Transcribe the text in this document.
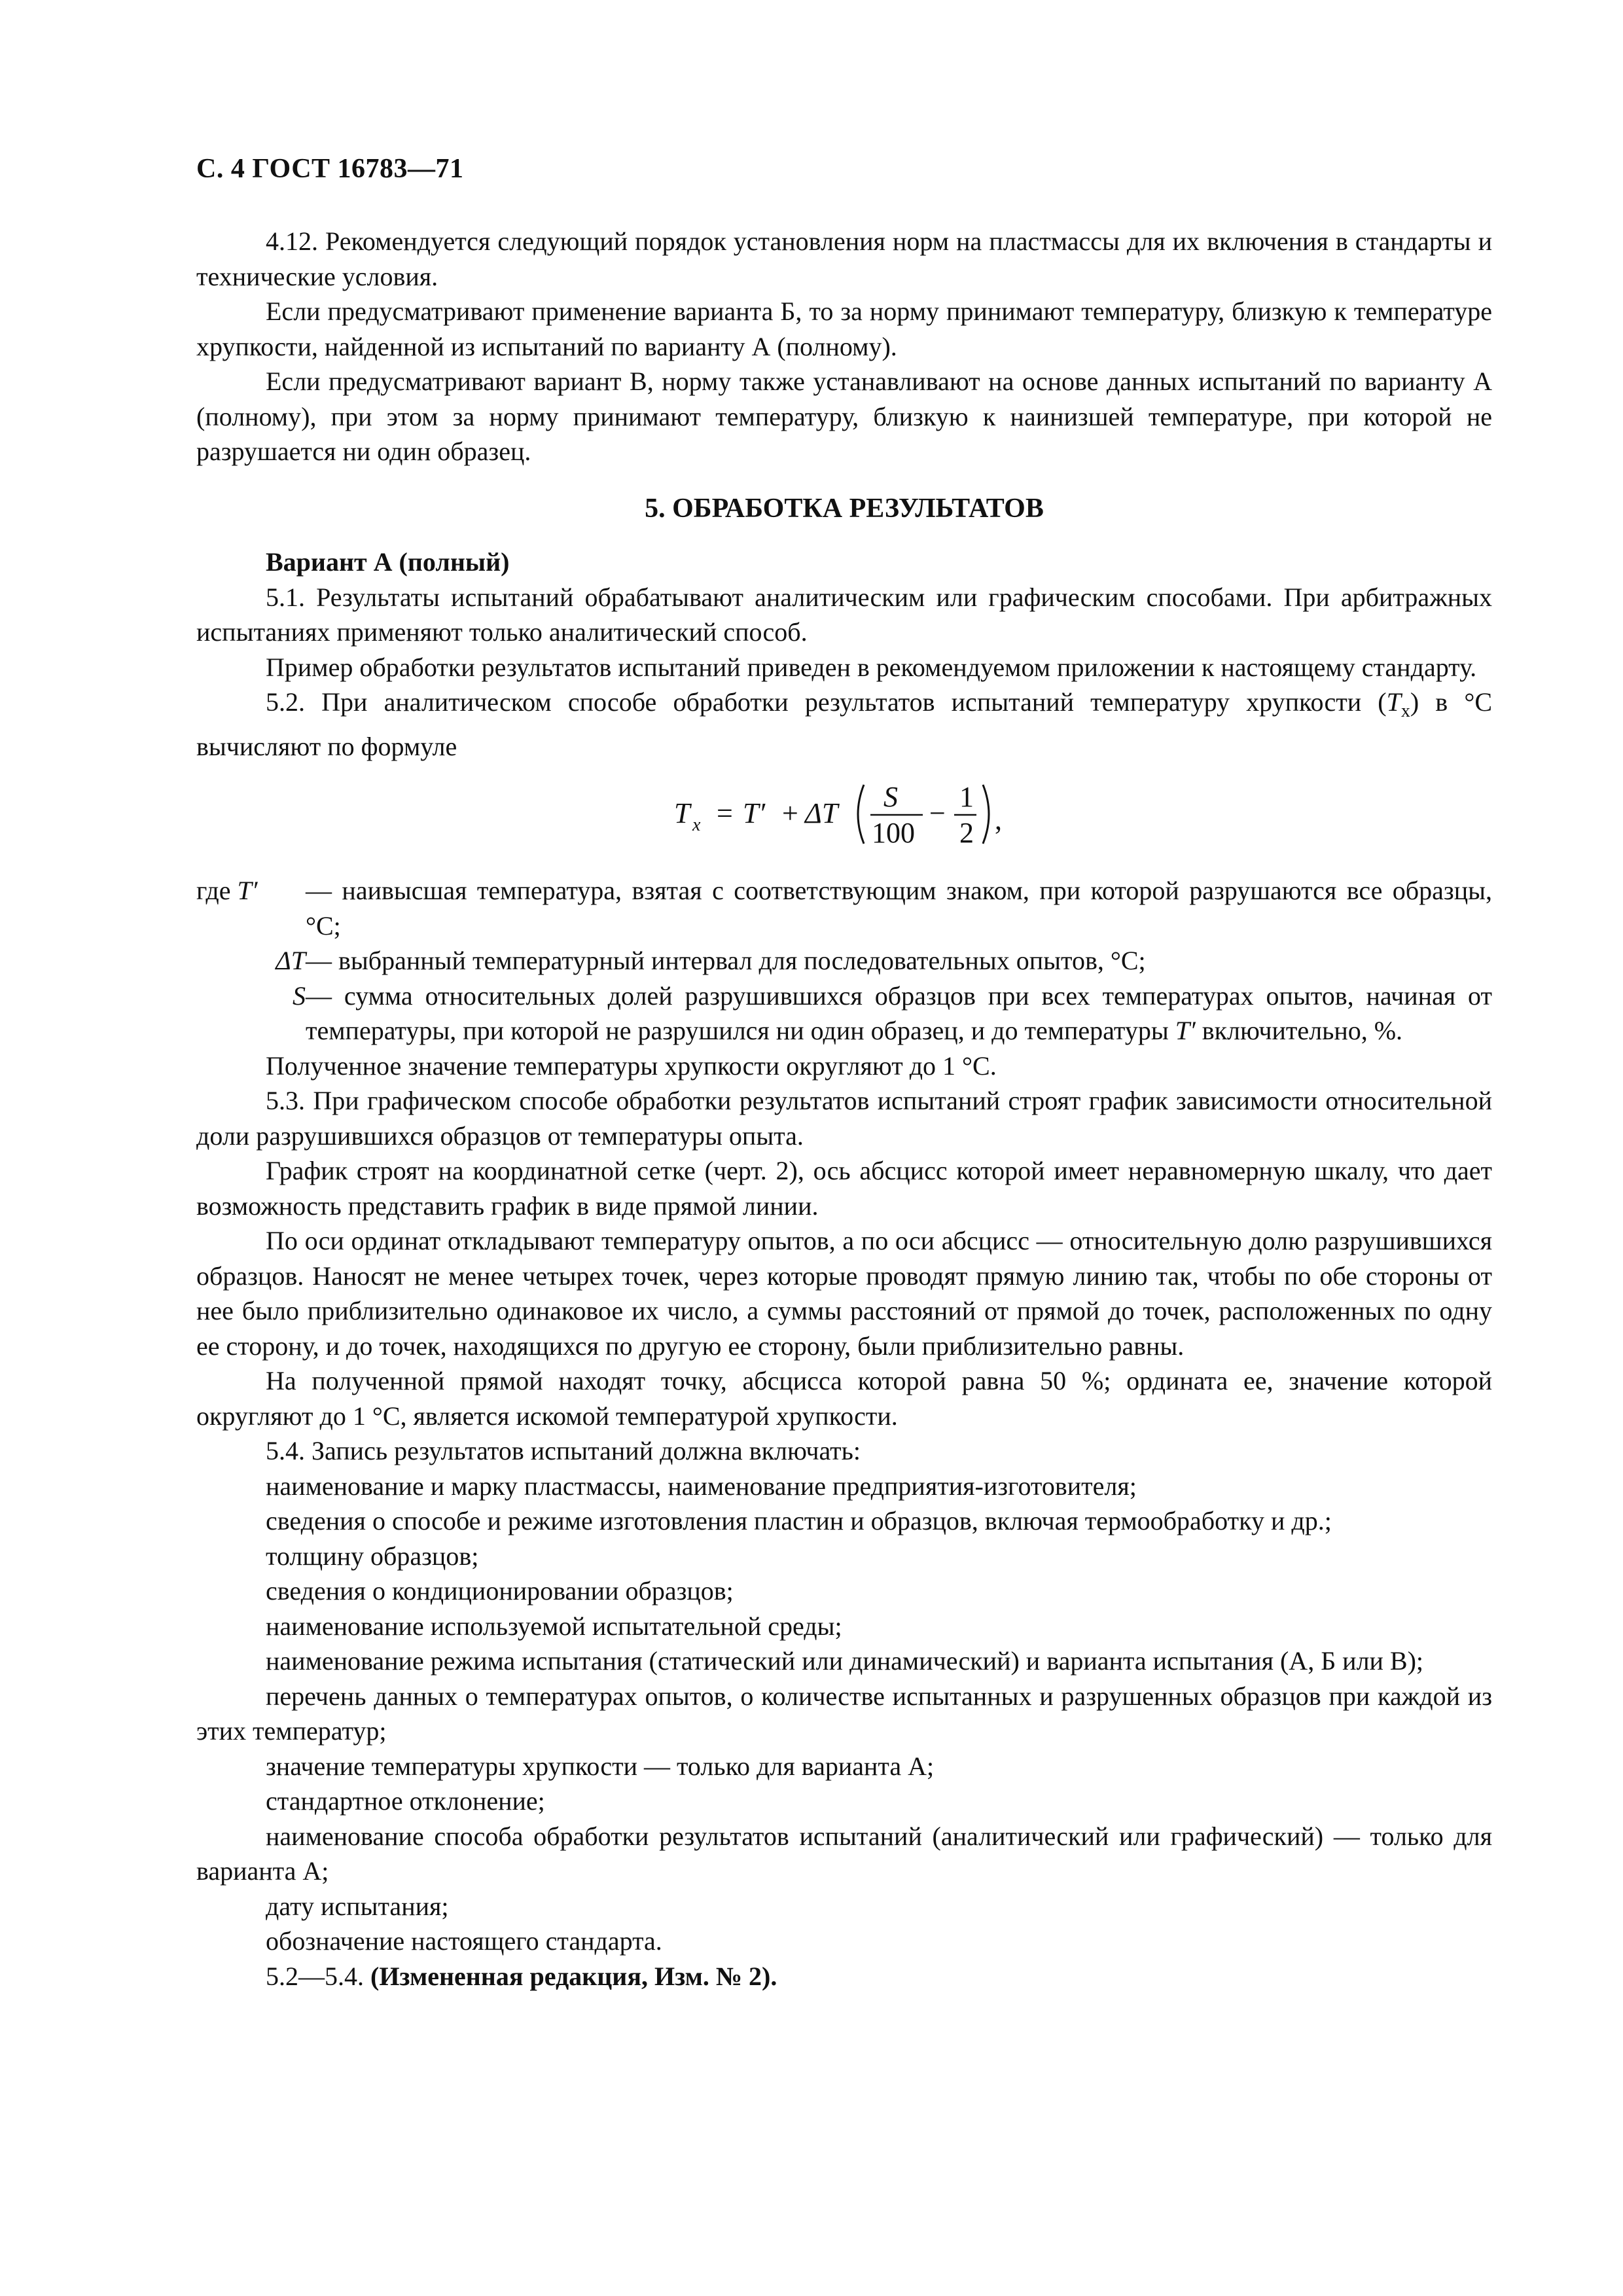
С. 4 ГОСТ 16783—71

4.12. Рекомендуется следующий порядок установления норм на пластмассы для их включения в стандарты и технические условия.

Если предусматривают применение варианта Б, то за норму принимают температуру, близкую к температуре хрупкости, найденной из испытаний по варианту А (полному).

Если предусматривают вариант В, норму также устанавливают на основе данных испытаний по варианту А (полному), при этом за норму принимают температуру, близкую к наинизшей температуре, при которой не разрушается ни один образец.

5. ОБРАБОТКА РЕЗУЛЬТАТОВ

Вариант А (полный)

5.1. Результаты испытаний обрабатывают аналитическим или графическим способами. При арбитражных испытаниях применяют только аналитический способ.

Пример обработки результатов испытаний приведен в рекомендуемом приложении к настоящему стандарту.

5.2. При аналитическом способе обработки результатов испытаний температуру хрупкости $(T_x)$ в °С вычисляют по формуле

T x = T′ + ΔT
S
100
−
1
2 ,
где T′	— наивысшая температура, взятая с соответствующим знаком, при которой разрушаются все образцы, °С;
ΔT — выбранный температурный интервал для последовательных опытов, °С;
S — сумма относительных долей разрушившихся образцов при всех температурах опытов, начиная от температуры, при которой не разрушился ни один образец, и до температуры T′ включительно, %.

Полученное значение температуры хрупкости округляют до 1 °С.

5.3. При графическом способе обработки результатов испытаний строят график зависимости относительной доли разрушившихся образцов от температуры опыта.

График строят на координатной сетке (черт. 2), ось абсцисс которой имеет неравномерную шкалу, что дает возможность представить график в виде прямой линии.

По оси ординат откладывают температуру опытов, а по оси абсцисс — относительную долю разрушившихся образцов. Наносят не менее четырех точек, через которые проводят прямую линию так, чтобы по обе стороны от нее было приблизительно одинаковое их число, а суммы расстояний от прямой до точек, расположенных по одну ее сторону, и до точек, находящихся по другую ее сторону, были приблизительно равны.

На полученной прямой находят точку, абсцисса которой равна 50 %; ордината ее, значение которой округляют до 1 °С, является искомой температурой хрупкости.

5.4. Запись результатов испытаний должна включать:

наименование и марку пластмассы, наименование предприятия-изготовителя;

сведения о способе и режиме изготовления пластин и образцов, включая термообработку и др.;

толщину образцов;

сведения о кондиционировании образцов;

наименование используемой испытательной среды;

наименование режима испытания (статический или динамический) и варианта испытания (А, Б или В);

перечень данных о температурах опытов, о количестве испытанных и разрушенных образцов при каждой из этих температур;

значение температуры хрупкости — только для варианта А;

стандартное отклонение;

наименование способа обработки результатов испытаний (аналитический или графический) — только для варианта А;

дату испытания;

обозначение настоящего стандарта.

5.2—5.4. (Измененная редакция, Изм. № 2).
